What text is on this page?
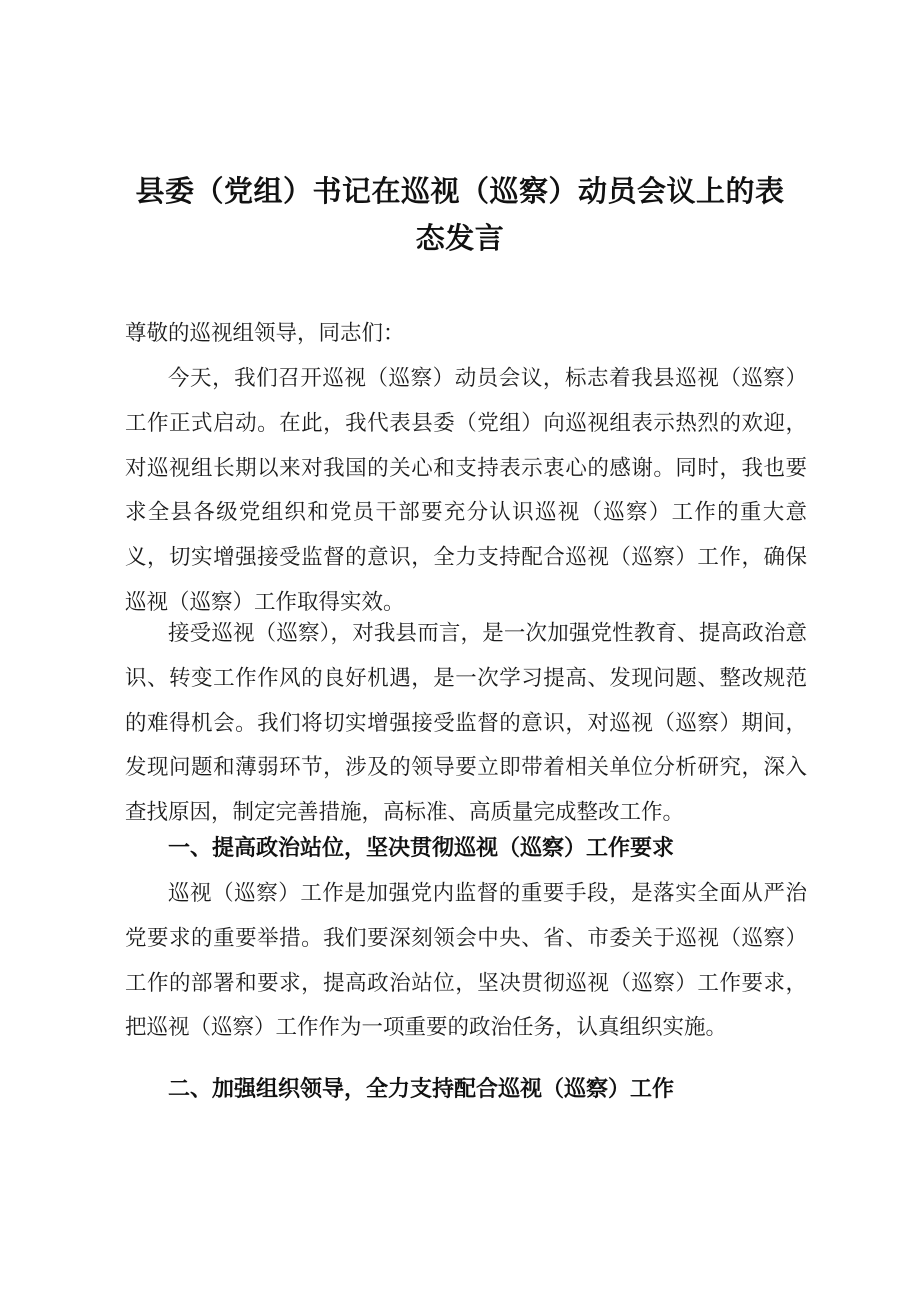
县委（党组）书记在巡视（巡察）动员会议上的表态发言

尊敬的巡视组领导，同志们：

今天，我们召开巡视（巡察）动员会议，标志着我县巡视（巡察）工作正式启动。在此，我代表县委（党组）向巡视组表示热烈的欢迎，对巡视组长期以来对我国的关心和支持表示衷心的感谢。同时，我也要求全县各级党组织和党员干部要充分认识巡视（巡察）工作的重大意义，切实增强接受监督的意识，全力支持配合巡视（巡察）工作，确保巡视（巡察）工作取得实效。

接受巡视（巡察），对我县而言，是一次加强党性教育、提高政治意识、转变工作作风的良好机遇，是一次学习提高、发现问题、整改规范的难得机会。我们将切实增强接受监督的意识，对巡视（巡察）期间，发现问题和薄弱环节，涉及的领导要立即带着相关单位分析研究，深入查找原因，制定完善措施，高标准、高质量完成整改工作。

一、提高政治站位，坚决贯彻巡视（巡察）工作要求

巡视（巡察）工作是加强党内监督的重要手段，是落实全面从严治党要求的重要举措。我们要深刻领会中央、省、市委关于巡视（巡察）工作的部署和要求，提高政治站位，坚决贯彻巡视（巡察）工作要求，把巡视（巡察）工作作为一项重要的政治任务，认真组织实施。

二、加强组织领导，全力支持配合巡视（巡察）工作
